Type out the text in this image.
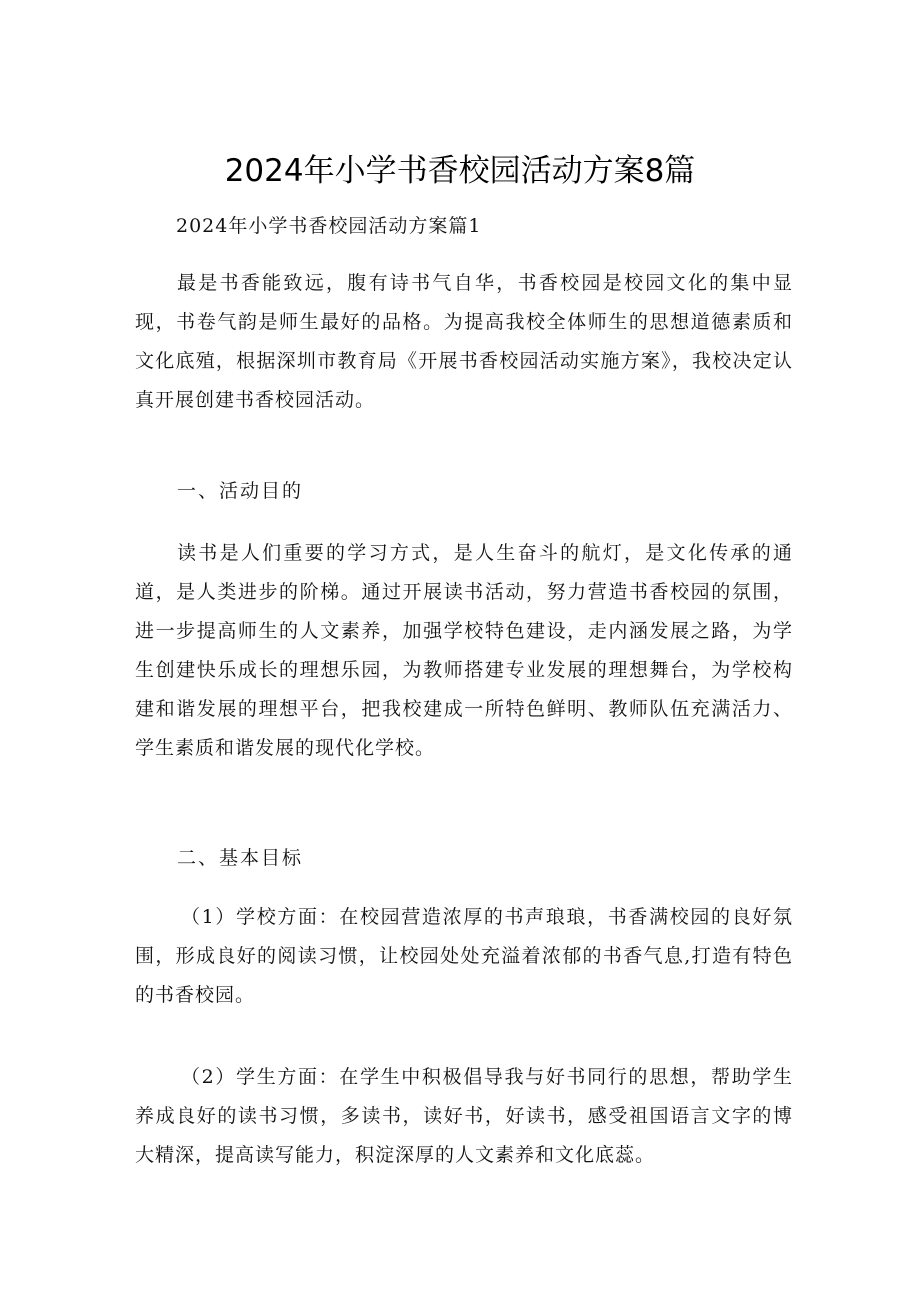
2024年小学书香校园活动方案8篇
2024年小学书香校园活动方案篇1

最是书香能致远，腹有诗书气自华，书香校园是校园文化的集中显现，书卷气韵是师生最好的品格。为提高我校全体师生的思想道德素质和文化底殖，根据深圳市教育局《开展书香校园活动实施方案》，我校决定认真开展创建书香校园活动。

一、活动目的

读书是人们重要的学习方式，是人生奋斗的航灯，是文化传承的通道，是人类进步的阶梯。通过开展读书活动，努力营造书香校园的氛围，进一步提高师生的人文素养，加强学校特色建设，走内涵发展之路，为学生创建快乐成长的理想乐园，为教师搭建专业发展的理想舞台，为学校构建和谐发展的理想平台，把我校建成一所特色鲜明、教师队伍充满活力、学生素质和谐发展的现代化学校。

二、基本目标

（1）学校方面：在校园营造浓厚的书声琅琅，书香满校园的良好氛围，形成良好的阅读习惯，让校园处处充溢着浓郁的书香气息,打造有特色的书香校园。

（2）学生方面：在学生中积极倡导我与好书同行的思想，帮助学生养成良好的读书习惯，多读书，读好书，好读书，感受祖国语言文字的博大精深，提高读写能力，积淀深厚的人文素养和文化底蕊。
